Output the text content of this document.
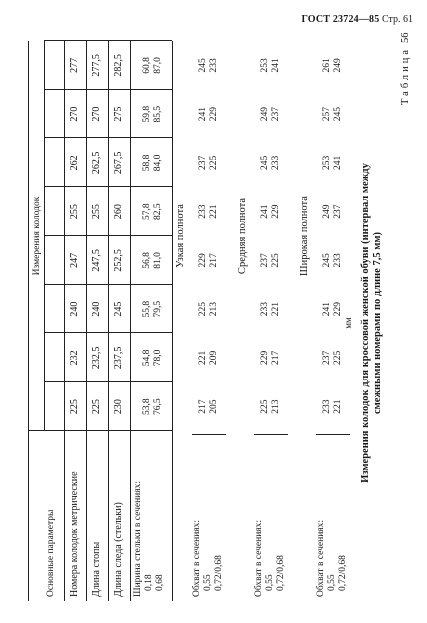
ГОСТ 23724—85 Стр. 61
Таблица
56
Измерения колодок для кроссовой женской обуви (интервал между смежными номерами по длине 7,5 мм)
мм
Основные параметры
Измерения колодок
Номера колодок метрические
225
232
240
247
255
262
270
277
Длина стопы
225
232,5
240
247,5
255
262,5
270
277,5
Длина следа (стельки)
230
237,5
245
252,5
260
267,5
275
282,5
Ширина стельки в сечениях: 0,18 0,68
53,8 76,5
54,8 78,0
55,8 79,5
56,8 81,0
57,8 82,5
58,8 84,0
59,8 85,5
60,8 87,0
Узкая полнота
Обхват в сечениях: 0,55 0,72/0,68
217 205
221 209
225 213
229 217
233 221
237 225
241 229
245 233
Средняя полнота
Обхват в сечениях: 0,55 0,72/0,68
225 213
229 217
233 221
237 225
241 229
245 233
249 237
253 241
Широкая полнота
Обхват в сечениях: 0,55 0,72/0,68
233 221
237 225
241 229
245 233
249 237
253 241
257 245
261 249
